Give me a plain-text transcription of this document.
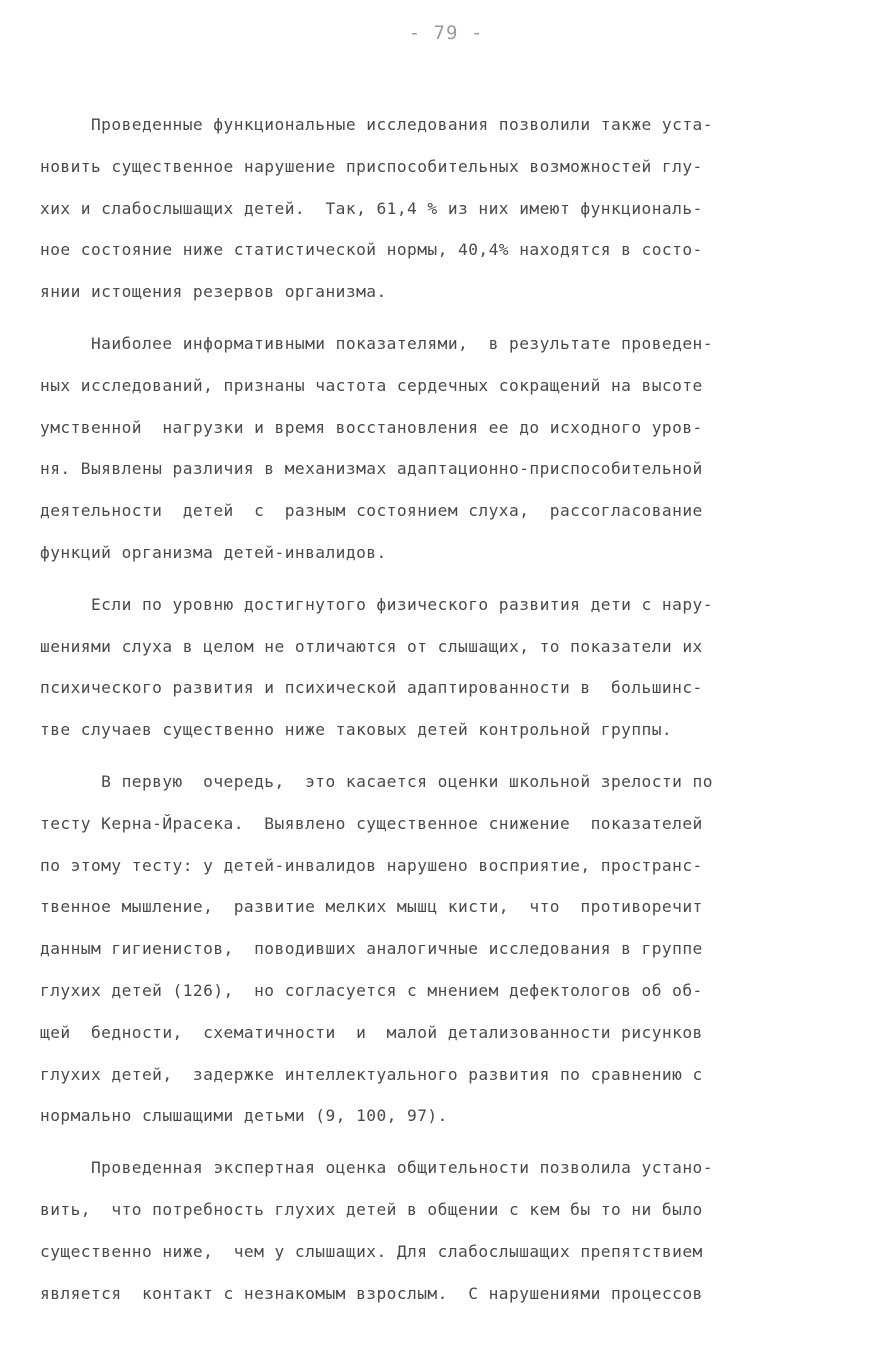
- 79 -
Проведенные функциональные исследования позволили также уста-
новить существенное нарушение приспособительных возможностей глу-
хих и слабослышащих детей.  Так, 61,4 % из них имеют функциональ-
ное состояние ниже статистической нормы, 40,4% находятся в состо-
янии истощения резервов организма.
Наиболее информативными показателями,  в результате проведен-
ных исследований, признаны частота сердечных сокращений на высоте
умственной  нагрузки и время восстановления ее до исходного уров-
ня. Выявлены различия в механизмах адаптационно-приспособительной
деятельности  детей  с  разным состоянием слуха,  рассогласование
функций организма детей-инвалидов.
Если по уровню достигнутого физического развития дети с нару-
шениями слуха в целом не отличаются от слышащих, то показатели их
психического развития и психической адаптированности в  большинс-
тве случаев существенно ниже таковых детей контрольной группы.
В первую  очередь,  это касается оценки школьной зрелости по
тесту Керна-Йрасека.  Выявлено существенное снижение  показателей
по этому тесту: у детей-инвалидов нарушено восприятие, пространс-
твенное мышление,  развитие мелких мышц кисти,  что  противоречит
данным гигиенистов,  поводивших аналогичные исследования в группе
глухих детей (126),  но согласуется с мнением дефектологов об об-
щей  бедности,  схематичности  и  малой детализованности рисунков
глухих детей,  задержке интеллектуального развития по сравнению с
нормально слышащими детьми (9, 100, 97).
Проведенная экспертная оценка общительности позволила устано-
вить,  что потребность глухих детей в общении с кем бы то ни было
существенно ниже,  чем у слышащих. Для слабослышащих препятствием
является  контакт с незнакомым взрослым.  С нарушениями процессов
